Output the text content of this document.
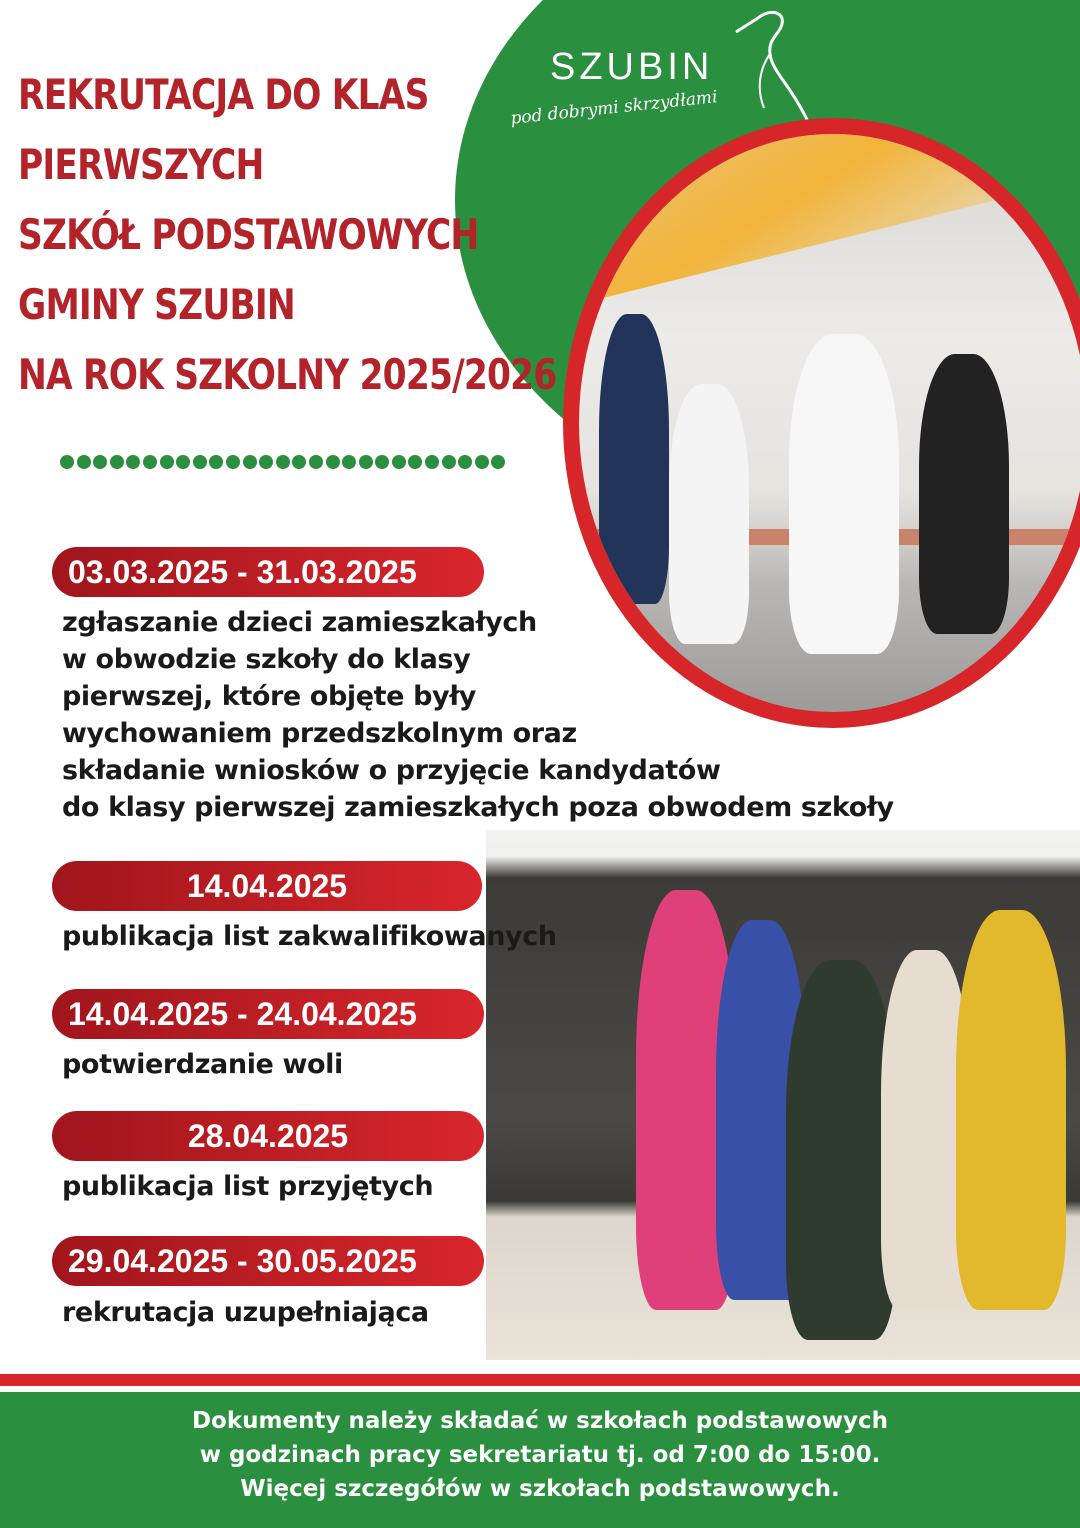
SZUBIN
pod dobrymi skrzydłami
REKRUTACJA DO KLAS
PIERWSZYCH
SZKÓŁ PODSTAWOWYCH
GMINY SZUBIN
NA ROK SZKOLNY 2025/2026
03.03.2025 - 31.03.2025

zgłaszanie dzieci zamieszkałych
w obwodzie szkoły do klasy
pierwszej, które objęte były
wychowaniem przedszkolnym oraz
składanie wniosków o przyjęcie kandydatów
do klasy pierwszej zamieszkałych poza obwodem szkoły

14.04.2025

publikacja list zakwalifikowanych

14.04.2025 - 24.04.2025

potwierdzanie woli

28.04.2025

publikacja list przyjętych

29.04.2025 - 30.05.2025

rekrutacja uzupełniająca

Dokumenty należy składać w szkołach podstawowych
w godzinach pracy sekretariatu tj. od 7:00 do 15:00.
Więcej szczegółów w szkołach podstawowych.
